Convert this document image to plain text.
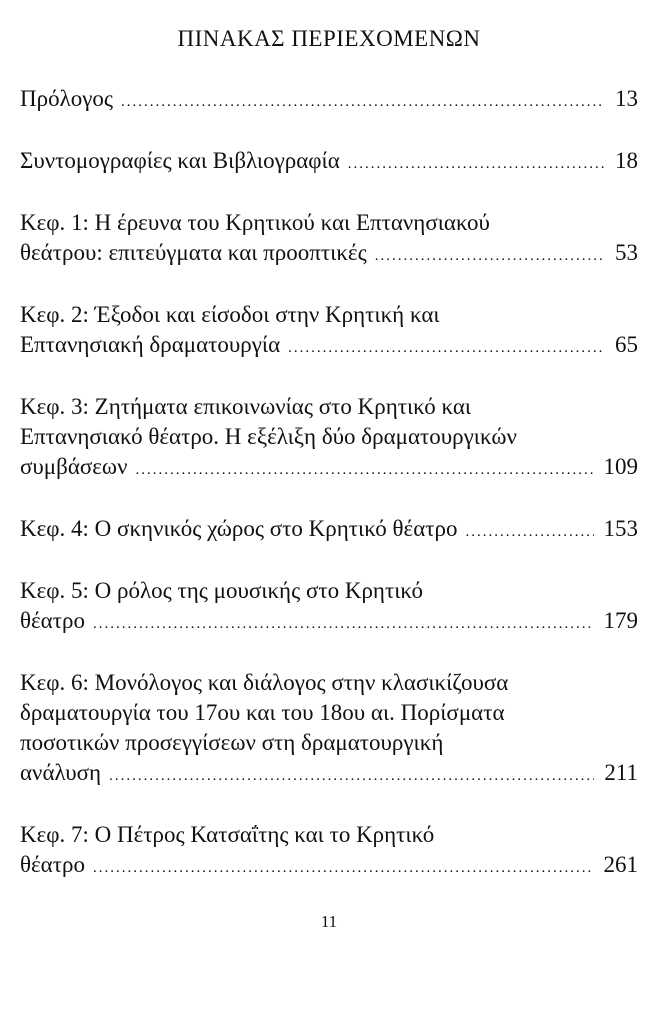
ΠΙΝΑΚΑΣ ΠΕΡΙΕΧΟΜΕΝΩΝ
Πρόλογος .....	13
Συντομογραφίες και Βιβλιογραφία .....	18
Κεφ. 1: Η έρευνα του Κρητικού και Επτανησιακού
θεάτρου: επιτεύγματα και προοπτικές .....	53
Κεφ. 2: Έξοδοι και είσοδοι στην Κρητική και
Επτανησιακή δραματουργία .....	65
Κεφ. 3: Ζητήματα επικοινωνίας στο Κρητικό και
Επτανησιακό θέατρο. Η εξέλιξη δύο δραματουργικών
συμβάσεων .....	109
Κεφ. 4: Ο σκηνικός χώρος στο Κρητικό θέατρο .....	153
Κεφ. 5: Ο ρόλος της μουσικής στο Κρητικό
θέατρο .....	179
Κεφ. 6: Μονόλογος και διάλογος στην κλασικίζουσα
δραματουργία του 17ου και του 18ου αι. Πορίσματα
ποσοτικών προσεγγίσεων στη δραματουργική
ανάλυση .....	211
Κεφ. 7: Ο Πέτρος Κατσαΐτης και το Κρητικό
θέατρο .....	261
11
